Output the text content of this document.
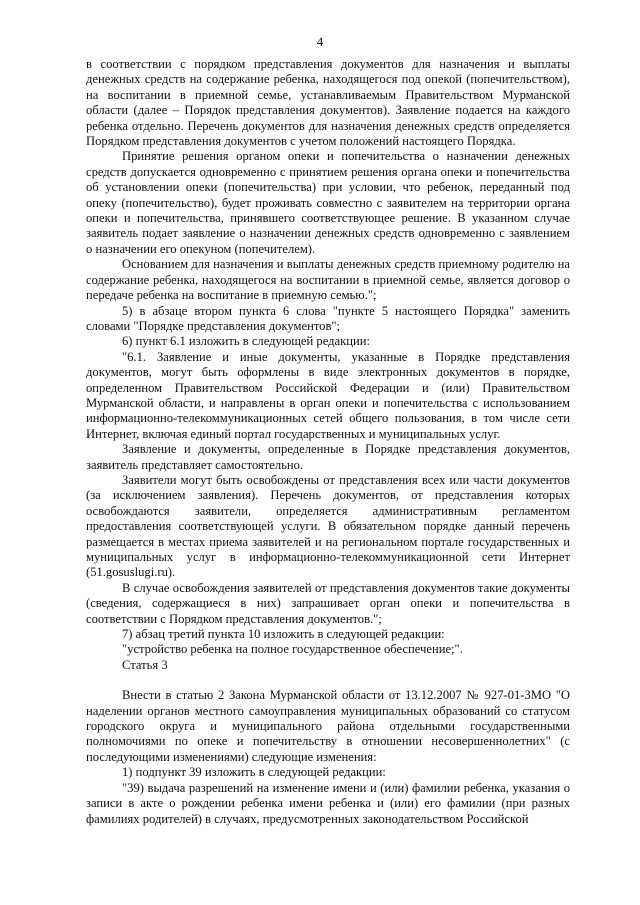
4

в соответствии с порядком представления документов для назначения и выплаты денежных средств на содержание ребенка, находящегося под опекой (попечительством), на воспитании в приемной семье, устанавливаемым Правительством Мурманской области (далее – Порядок представления документов). Заявление подается на каждого ребенка отдельно. Перечень документов для назначения денежных средств определяется Порядком представления документов с учетом положений настоящего Порядка.

Принятие решения органом опеки и попечительства о назначении денежных средств допускается одновременно с принятием решения органа опеки и попечительства об установлении опеки (попечительства) при условии, что ребенок, переданный под опеку (попечительство), будет проживать совместно с заявителем на территории органа опеки и попечительства, принявшего соответствующее решение. В указанном случае заявитель подает заявление о назначении денежных средств одновременно с заявлением о назначении его опекуном (попечителем).

Основанием для назначения и выплаты денежных средств приемному родителю на содержание ребенка, находящегося на воспитании в приемной семье, является договор о передаче ребенка на воспитание в приемную семью.";

5) в абзаце втором пункта 6 слова "пункте 5 настоящего Порядка" заменить словами "Порядке представления документов";

6) пункт 6.1 изложить в следующей редакции:

"6.1. Заявление и иные документы, указанные в Порядке представления документов, могут быть оформлены в виде электронных документов в порядке, определенном Правительством Российской Федерации и (или) Правительством Мурманской области, и направлены в орган опеки и попечительства с использованием информационно-телекоммуникационных сетей общего пользования, в том числе сети Интернет, включая единый портал государственных и муниципальных услуг.

Заявление и документы, определенные в Порядке представления документов, заявитель представляет самостоятельно.

Заявители могут быть освобождены от представления всех или части документов (за исключением заявления). Перечень документов, от представления которых освобождаются заявители, определяется административным регламентом предоставления соответствующей услуги. В обязательном порядке данный перечень размещается в местах приема заявителей и на региональном портале государственных и муниципальных услуг в информационно-телекоммуникационной сети Интернет (51.gosuslugi.ru).

В случае освобождения заявителей от представления документов такие документы (сведения, содержащиеся в них) запрашивает орган опеки и попечительства в соответствии с Порядком представления документов.";

7) абзац третий пункта 10 изложить в следующей редакции:

"устройство ребенка на полное государственное обеспечение;".

Статья 3

Внести в статью 2 Закона Мурманской области от 13.12.2007 № 927-01-ЗМО "О наделении органов местного самоуправления муниципальных образований со статусом городского округа и муниципального района отдельными государственными полномочиями по опеке и попечительству в отношении несовершеннолетних" (с последующими изменениями) следующие изменения:

1) подпункт 39 изложить в следующей редакции:

"39) выдача разрешений на изменение имени и (или) фамилии ребенка, указания о записи в акте о рождении ребенка имени ребенка и (или) его фамилии (при разных фамилиях родителей) в случаях, предусмотренных законодательством Российской
